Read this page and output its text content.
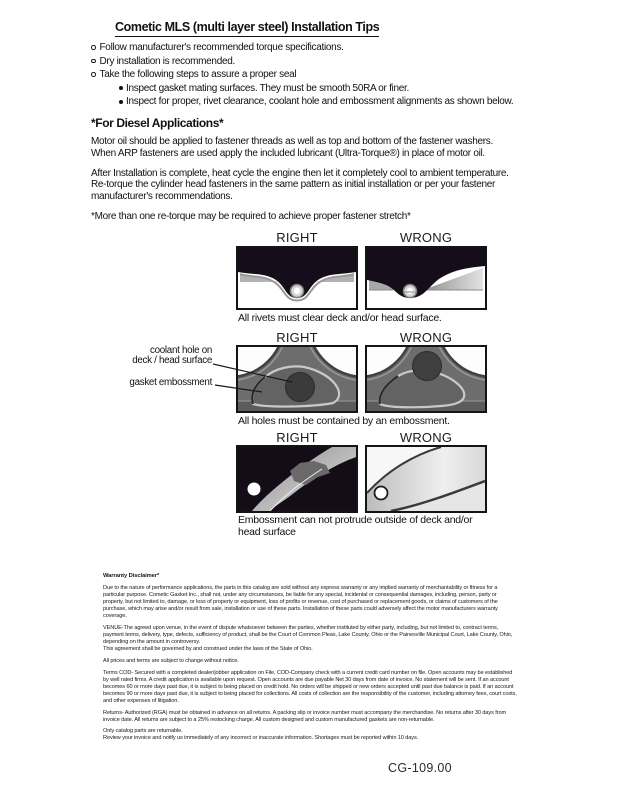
Cometic MLS (multi layer steel) Installation Tips
Follow manufacturer's recommended torque specifications.
Dry installation is recommended.
Take the following steps to assure a proper seal
Inspect gasket mating surfaces. They must be smooth 50RA or finer.
Inspect for proper, rivet clearance, coolant hole and embossment alignments as shown below.
*For Diesel Applications*

Motor oil should be applied to fastener threads as well as top and bottom of the fastener washers. When ARP fasteners are used apply the included lubricant (Ultra-Torque®) in place of motor oil.

After Installation is complete, heat cycle the engine then let it completely cool to ambient temperature. Re-torque the cylinder head fasteners in the same pattern as initial installation or per your fastener manufacturer's recommendations.

*More than one re-torque may be required to achieve proper fastener stretch*

RIGHT	WRONG
All rivets must clear deck and/or head surface.
RIGHT	WRONG
coolant hole on
deck / head surface
gasket embossment
All holes must be contained by an embossment.
RIGHT	WRONG
Embossment can not protrude outside of deck and/or head surface
Warranty Disclaimer*
Due to the nature of performance applications, the parts in this catalog are sold without any express warranty or any implied warranty of merchantability or fitness for a particular purpose. Cometic Gasket Inc., shall not, under any circumstances, be liable for any special, incidental or consequential damages, including, person, party or property, but not limited to, damage, or loss of property or equipment, loss of profits or revenue, cost of purchased or replacement goods, or claims of customers of the purchase, which may arise and/or result from sale, installation or use of these parts. Installation of these parts could adversely affect the motor manufacturers warranty coverage.
VENUE-The agreed upon venue, in the event of dispute whatsoever between the parties, whether instituted by either party, including, but not limited to, contract terms, payment terms, delivery, type, defects, sufficiency of product, shall be the Court of Common Pleas, Lake County, Ohio or the Painesville Municipal Court, Lake County, Ohio, depending on the amount in controversy.
This agreement shall be governed by and construed under the laws of the State of Ohio.
All prices and terms are subject to change without notice.
Terms COD- Secured with a completed dealer/jobber application on File, COD-Company check with a current credit card number on file. Open accounts may be established by well rated firms. A credit application is available upon request. Open accounts are due payable Net 30 days from date of invoice. No statement will be sent. If an account becomes 60 or more days past due, it is subject to being placed on credit hold. No orders will be shipped or new orders accepted until past due balance is paid. If an account becomes 90 or more days past due, it is subject to being placed for collections. All costs of collection are the responsibility of the customer, including attorney fees, court costs, and other expenses of litigation.
Returns- Authorized (RGA) must be obtained in advance on all returns. A packing slip or invoice number must accompany the merchandise. No returns after 30 days from invoice date. All returns are subject to a 25% restocking charge. All custom designed and custom manufactured gaskets are non-returnable.
Only catalog parts are returnable.
Review your invoice and notify us immediately of any incorrect or inaccurate information. Shortages must be reported within 10 days.
CG-109.00
